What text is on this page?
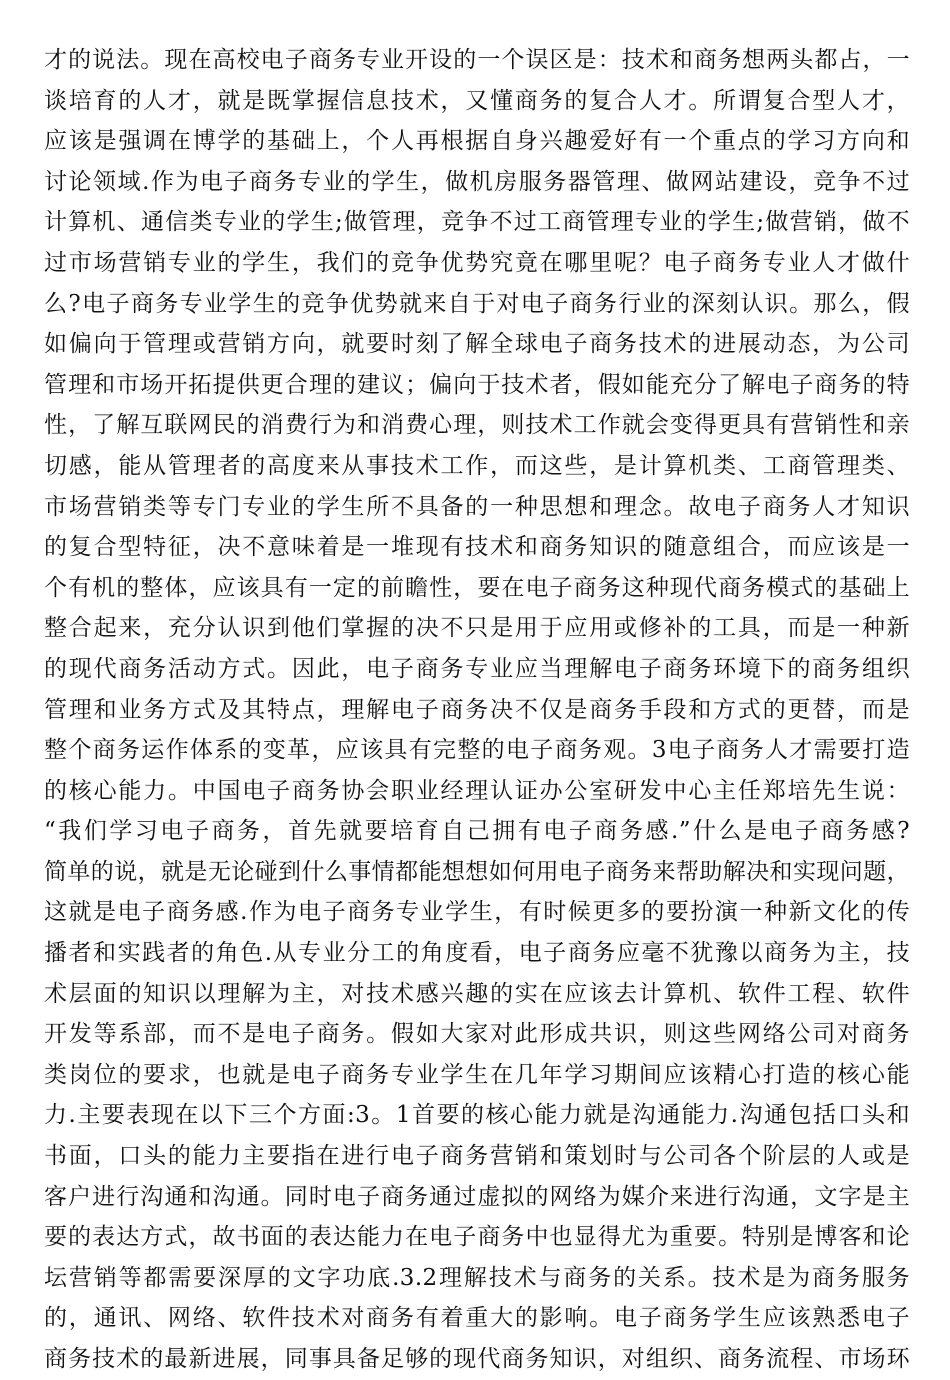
才的说法。现在高校电子商务专业开设的一个误区是：技术和商务想两头都占，一
谈培育的人才，就是既掌握信息技术，又懂商务的复合人才。所谓复合型人才，
应该是强调在博学的基础上，个人再根据自身兴趣爱好有一个重点的学习方向和
讨论领域.作为电子商务专业的学生，做机房服务器管理、做网站建设，竞争不过
计算机、通信类专业的学生;做管理，竞争不过工商管理专业的学生;做营销，做不
过市场营销专业的学生，我们的竞争优势究竟在哪里呢？电子商务专业人才做什
么?电子商务专业学生的竞争优势就来自于对电子商务行业的深刻认识。那么，假
如偏向于管理或营销方向，就要时刻了解全球电子商务技术的进展动态，为公司
管理和市场开拓提供更合理的建议；偏向于技术者，假如能充分了解电子商务的特
性，了解互联网民的消费行为和消费心理，则技术工作就会变得更具有营销性和亲
切感，能从管理者的高度来从事技术工作，而这些，是计算机类、工商管理类、
市场营销类等专门专业的学生所不具备的一种思想和理念。故电子商务人才知识
的复合型特征，决不意味着是一堆现有技术和商务知识的随意组合，而应该是一
个有机的整体，应该具有一定的前瞻性，要在电子商务这种现代商务模式的基础上
整合起来，充分认识到他们掌握的决不只是用于应用或修补的工具，而是一种新
的现代商务活动方式。因此，电子商务专业应当理解电子商务环境下的商务组织
管理和业务方式及其特点，理解电子商务决不仅是商务手段和方式的更替，而是
整个商务运作体系的变革，应该具有完整的电子商务观。3电子商务人才需要打造
的核心能力。中国电子商务协会职业经理认证办公室研发中心主任郑培先生说：
“我们学习电子商务，首先就要培育自己拥有电子商务感.”什么是电子商务感?
简单的说，就是无论碰到什么事情都能想想如何用电子商务来帮助解决和实现问题，
这就是电子商务感.作为电子商务专业学生，有时候更多的要扮演一种新文化的传
播者和实践者的角色.从专业分工的角度看，电子商务应毫不犹豫以商务为主，技
术层面的知识以理解为主，对技术感兴趣的实在应该去计算机、软件工程、软件
开发等系部，而不是电子商务。假如大家对此形成共识，则这些网络公司对商务
类岗位的要求，也就是电子商务专业学生在几年学习期间应该精心打造的核心能
力.主要表现在以下三个方面:3。1首要的核心能力就是沟通能力.沟通包括口头和
书面，口头的能力主要指在进行电子商务营销和策划时与公司各个阶层的人或是
客户进行沟通和沟通。同时电子商务通过虚拟的网络为媒介来进行沟通，文字是主
要的表达方式，故书面的表达能力在电子商务中也显得尤为重要。特别是博客和论
坛营销等都需要深厚的文字功底.3.2理解技术与商务的关系。技术是为商务服务
的，通讯、网络、软件技术对商务有着重大的影响。电子商务学生应该熟悉电子
商务技术的最新进展，同事具备足够的现代商务知识，对组织、商务流程、市场环
